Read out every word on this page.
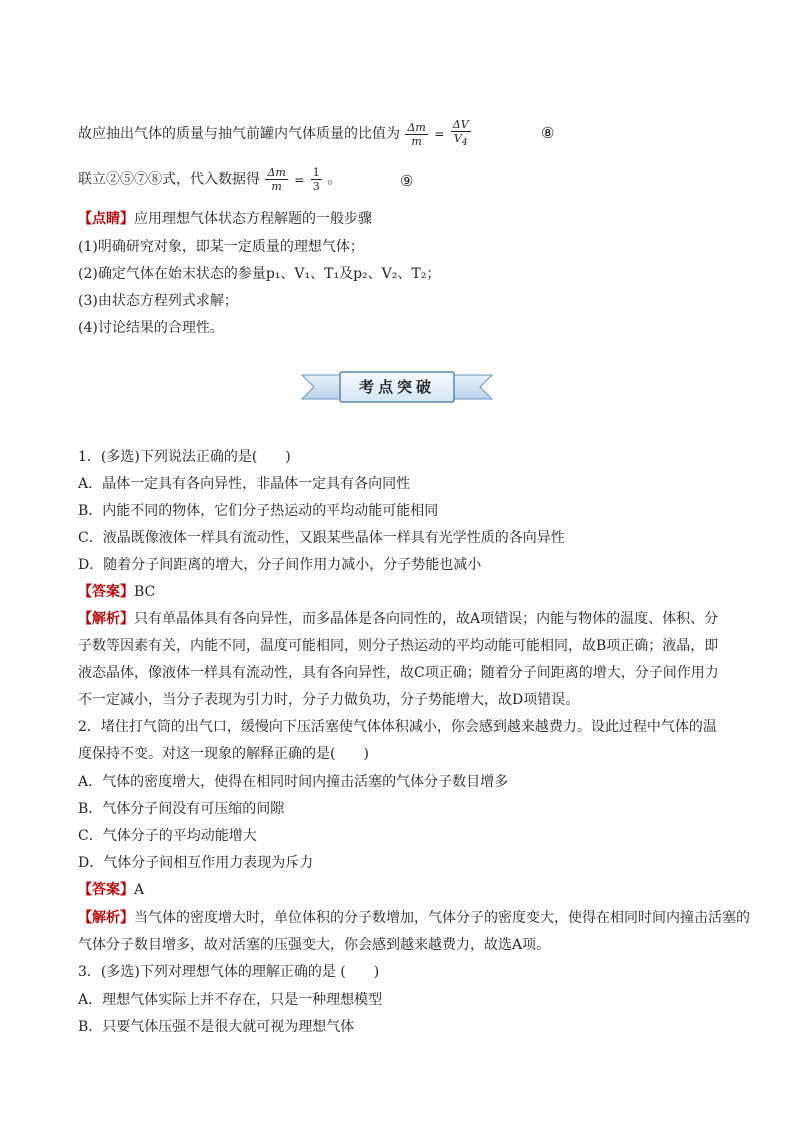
故应抽出气体的质量与抽气前罐内气体质量的比值为 $\frac{\Delta m}{m} = \frac{\Delta V}{V_4}$	⑧
联立②⑤⑦⑧式，代入数据得 $\frac{\Delta m}{m} = \frac{1}{3}$ 。	⑨
【点睛】应用理想气体状态方程解题的一般步骤
(1)明确研究对象，即某一定质量的理想气体；
(2)确定气体在始末状态的参量p₁、V₁、T₁及p₂、V₂、T₂；
(3)由状态方程列式求解；
(4)讨论结果的合理性。
考点突破
1．(多选)下列说法正确的是(　　)
A．晶体一定具有各向异性，非晶体一定具有各向同性
B．内能不同的物体，它们分子热运动的平均动能可能相同
C．液晶既像液体一样具有流动性，又跟某些晶体一样具有光学性质的各向异性
D．随着分子间距离的增大，分子间作用力减小，分子势能也减小
【答案】BC
【解析】只有单晶体具有各向异性，而多晶体是各向同性的，故A项错误；内能与物体的温度、体积、分
子数等因素有关，内能不同，温度可能相同，则分子热运动的平均动能可能相同，故B项正确；液晶，即
液态晶体，像液体一样具有流动性，具有各向异性，故C项正确；随着分子间距离的增大，分子间作用力
不一定减小，当分子表现为引力时，分子力做负功，分子势能增大，故D项错误。
2．堵住打气筒的出气口，缓慢向下压活塞使气体体积减小，你会感到越来越费力。设此过程中气体的温
度保持不变。对这一现象的解释正确的是(　　)
A．气体的密度增大，使得在相同时间内撞击活塞的气体分子数目增多
B．气体分子间没有可压缩的间隙
C．气体分子的平均动能增大
D．气体分子间相互作用力表现为斥力
【答案】A
【解析】当气体的密度增大时，单位体积的分子数增加，气体分子的密度变大，使得在相同时间内撞击活塞的
气体分子数目增多，故对活塞的压强变大，你会感到越来越费力，故选A项。
3．(多选)下列对理想气体的理解正确的是 (　　)
A．理想气体实际上并不存在，只是一种理想模型
B．只要气体压强不是很大就可视为理想气体
